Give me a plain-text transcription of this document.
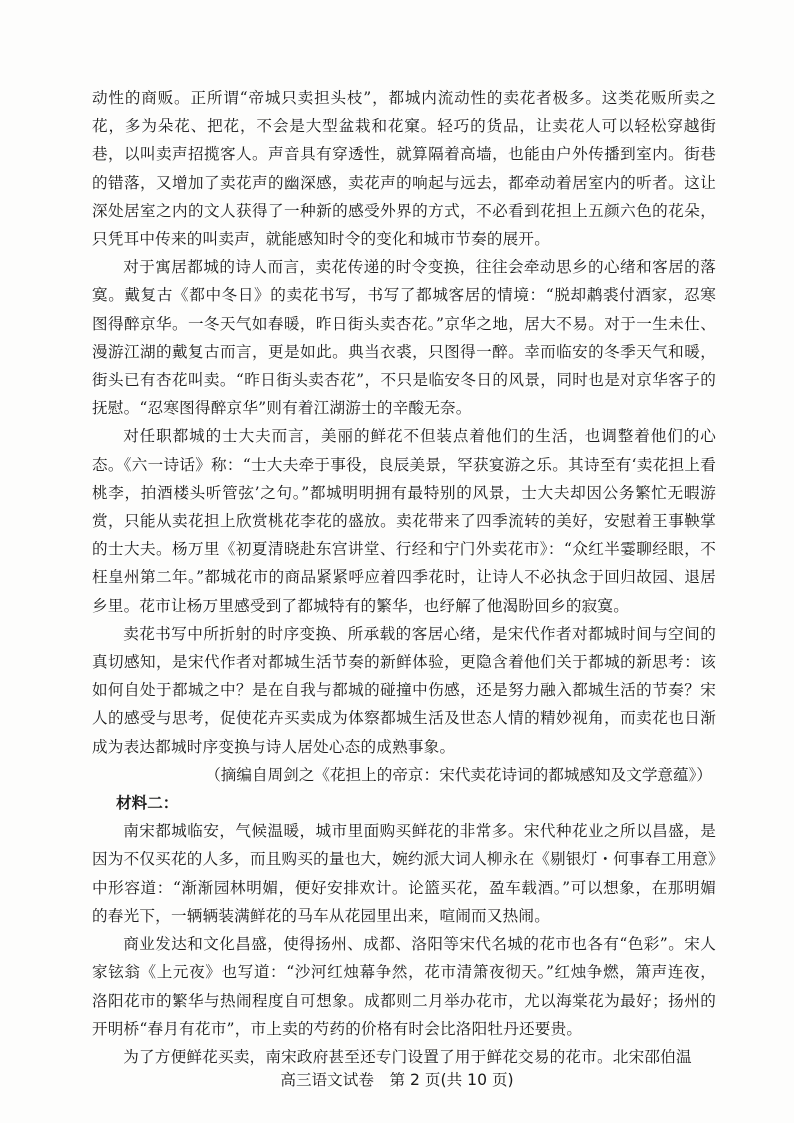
动性的商贩。正所谓“帝城只卖担头枝”，都城内流动性的卖花者极多。这类花贩所卖之花，多为朵花、把花，不会是大型盆栽和花窠。轻巧的货品，让卖花人可以轻松穿越街巷，以叫卖声招揽客人。声音具有穿透性，就算隔着高墙，也能由户外传播到室内。街巷的错落，又增加了卖花声的幽深感，卖花声的响起与远去，都牵动着居室内的听者。这让深处居室之内的文人获得了一种新的感受外界的方式，不必看到花担上五颜六色的花朵，只凭耳中传来的叫卖声，就能感知时令的变化和城市节奏的展开。

对于寓居都城的诗人而言，卖花传递的时令变换，往往会牵动思乡的心绪和客居的落寞。戴复古《都中冬日》的卖花书写，书写了都城客居的情境：“脱却鹔裘付酒家，忍寒图得醉京华。一冬天气如春暖，昨日街头卖杏花。”京华之地，居大不易。对于一生未仕、漫游江湖的戴复古而言，更是如此。典当衣裘，只图得一醉。幸而临安的冬季天气和暖，街头已有杏花叫卖。“昨日街头卖杏花”，不只是临安冬日的风景，同时也是对京华客子的抚慰。“忍寒图得醉京华”则有着江湖游士的辛酸无奈。

对任职都城的士大夫而言，美丽的鲜花不但装点着他们的生活，也调整着他们的心态。《六一诗话》称：“士大夫牵于事役，良辰美景，罕获宴游之乐。其诗至有‘卖花担上看桃李，拍酒楼头听管弦’之句。”都城明明拥有最特别的风景，士大夫却因公务繁忙无暇游赏，只能从卖花担上欣赏桃花李花的盛放。卖花带来了四季流转的美好，安慰着王事鞅掌的士大夫。杨万里《初夏清晓赴东宫讲堂、行经和宁门外卖花市》：“众红半霎聊经眼，不枉皇州第二年。”都城花市的商品紧紧呼应着四季花时，让诗人不必执念于回归故园、退居乡里。花市让杨万里感受到了都城特有的繁华，也纾解了他渴盼回乡的寂寞。

卖花书写中所折射的时序变换、所承载的客居心绪，是宋代作者对都城时间与空间的真切感知，是宋代作者对都城生活节奏的新鲜体验，更隐含着他们关于都城的新思考：该如何自处于都城之中？是在自我与都城的碰撞中伤感，还是努力融入都城生活的节奏？宋人的感受与思考，促使花卉买卖成为体察都城生活及世态人情的精妙视角，而卖花也日渐成为表达都城时序变换与诗人居处心态的成熟事象。

（摘编自周剑之《花担上的帝京：宋代卖花诗词的都城感知及文学意蕴》）

材料二：

南宋都城临安，气候温暖，城市里面购买鲜花的非常多。宋代种花业之所以昌盛，是因为不仅买花的人多，而且购买的量也大，婉约派大词人柳永在《剔银灯・何事春工用意》中形容道：“渐渐园林明媚，便好安排欢计。论篮买花，盈车载酒。”可以想象，在那明媚的春光下，一辆辆装满鲜花的马车从花园里出来，喧闹而又热闹。

商业发达和文化昌盛，使得扬州、成都、洛阳等宋代名城的花市也各有“色彩”。宋人家铉翁《上元夜》也写道：“沙河红烛幕争然，花市清箫夜彻天。”红烛争燃，箫声连夜，洛阳花市的繁华与热闹程度自可想象。成都则二月举办花市，尤以海棠花为最好；扬州的开明桥“春月有花市”，市上卖的芍药的价格有时会比洛阳牡丹还要贵。

为了方便鲜花买卖，南宋政府甚至还专门设置了用于鲜花交易的花市。北宋邵伯温

高三语文试卷　第 2 页(共 10 页)
